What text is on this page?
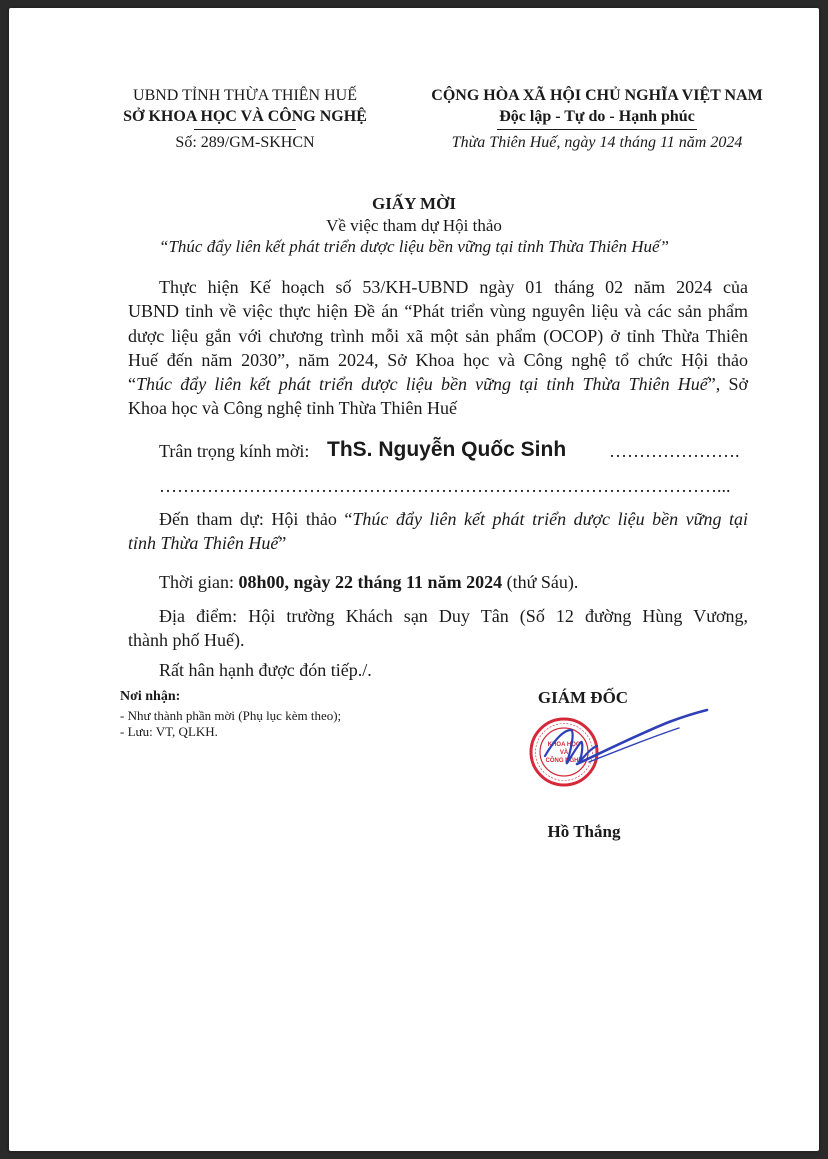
UBND TỈNH THỪA THIÊN HUẾ
SỞ KHOA HỌC VÀ CÔNG NGHỆ
Số: 289/GM-SKHCN
CỘNG HÒA XÃ HỘI CHỦ NGHĨA VIỆT NAM
Độc lập - Tự do - Hạnh phúc
Thừa Thiên Huế, ngày 14 tháng 11 năm 2024
GIẤY MỜI
Về việc tham dự Hội thảo
“Thúc đẩy liên kết phát triển dược liệu bền vững tại tỉnh Thừa Thiên Huế”
Thực hiện Kế hoạch số 53/KH-UBND ngày 01 tháng 02 năm 2024 của
UBND tỉnh về việc thực hiện Đề án “Phát triển vùng nguyên liệu và các sản phẩm
dược liệu gắn với chương trình mỗi xã một sản phẩm (OCOP) ở tỉnh Thừa Thiên
Huế đến năm 2030”, năm 2024, Sở Khoa học và Công nghệ tổ chức Hội thảo
“Thúc đẩy liên kết phát triển dược liệu bền vững tại tỉnh Thừa Thiên Huế”, Sở
Khoa học và Công nghệ tỉnh Thừa Thiên Huế
Trân trọng kính mời: ThS. Nguyễn Quốc Sinh ………………….
…………………………………………………………………………………...
Đến tham dự: Hội thảo “Thúc đẩy liên kết phát triển dược liệu bền vững tại
tỉnh Thừa Thiên Huế”
Thời gian: 08h00, ngày 22 tháng 11 năm 2024 (thứ Sáu).
Địa điểm: Hội trường Khách sạn Duy Tân (Số 12 đường Hùng Vương,
thành phố Huế).
Rất hân hạnh được đón tiếp./.
Nơi nhận:
- Như thành phần mời (Phụ lục kèm theo);
- Lưu: VT, QLKH.
GIÁM ĐỐC
KHOA HỌC
VÀ
CÔNG NGHỆ
Hồ Thắng
